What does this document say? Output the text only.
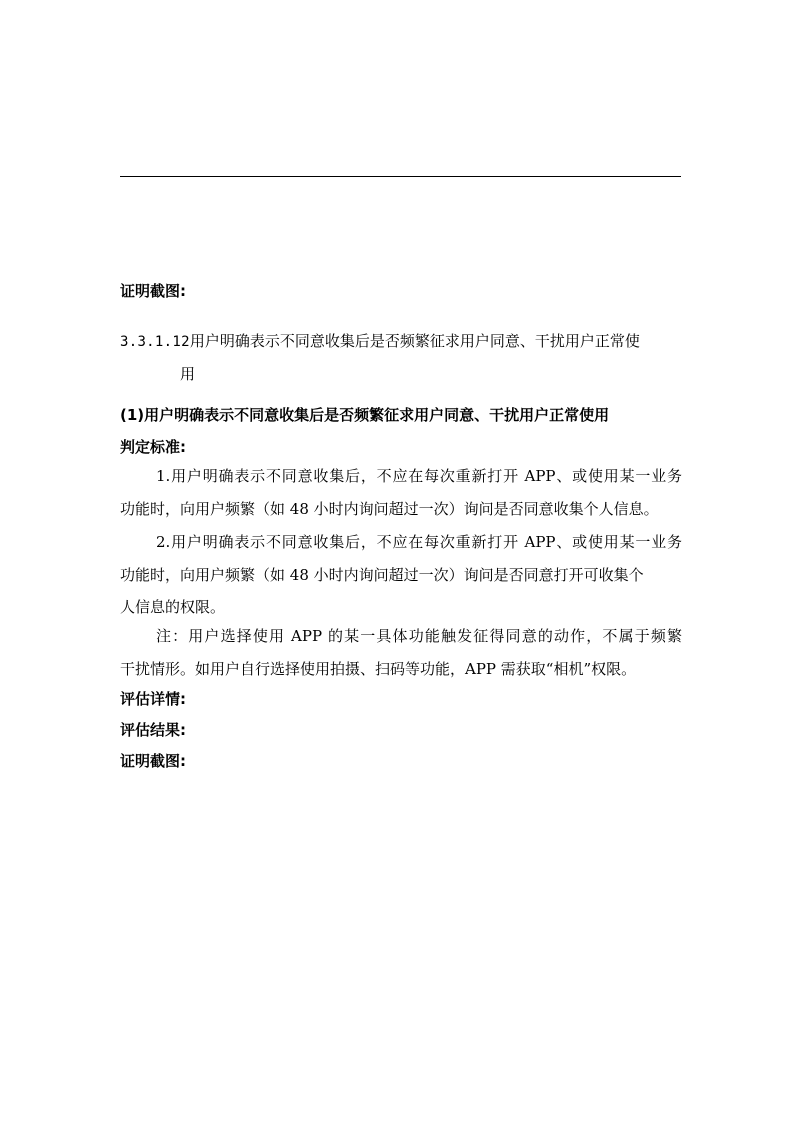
证明截图:
3.3.1.12用户明确表示不同意收集后是否频繁征求用户同意、干扰用户正常使
用
(1)用户明确表示不同意收集后是否频繁征求用户同意、干扰用户正常使用
判定标准:

1.用户明确表示不同意收集后，不应在每次重新打开 APP、或使用某一业务

功能时，向用户频繁（如 48 小时内询问超过一次）询问是否同意收集个人信息。

2.用户明确表示不同意收集后，不应在每次重新打开 APP、或使用某一业务

功能时，向用户频繁（如 48 小时内询问超过一次）询问是否同意打开可收集个

人信息的权限。

注：用户选择使用 APP 的某一具体功能触发征得同意的动作，不属于频繁

干扰情形。如用户自行选择使用拍摄、扫码等功能，APP 需获取“相机”权限。

评估详情:
评估结果:
证明截图:
